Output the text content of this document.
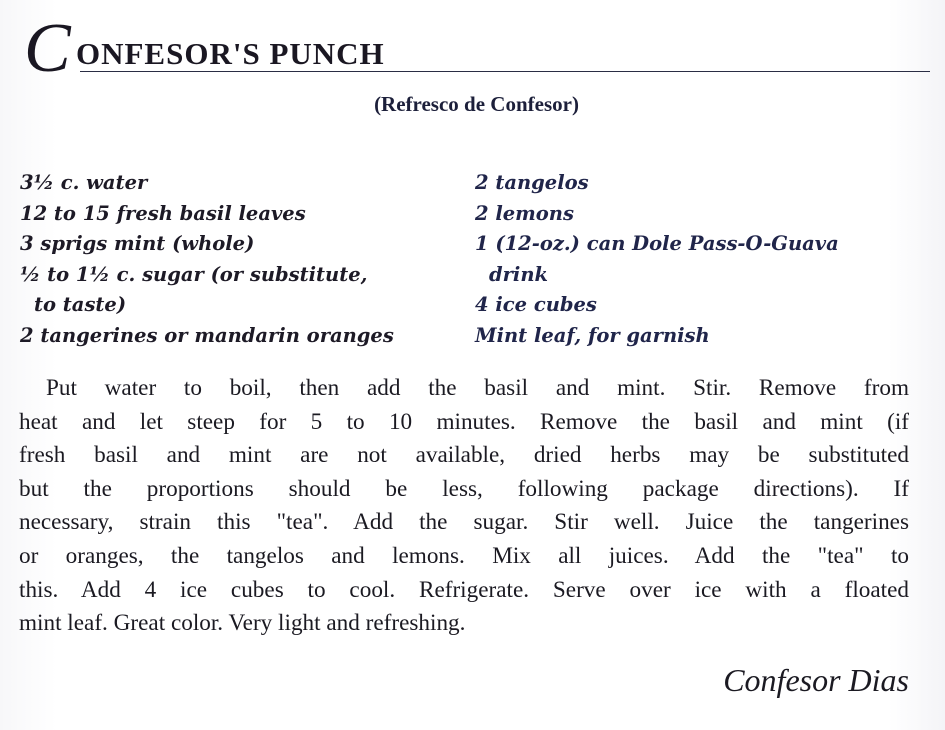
C ONFESOR'S PUNCH
(Refresco de Confesor)
3½ c. water
12 to 15 fresh basil leaves
3 sprigs mint (whole)
½ to 1½ c. sugar (or substitute,
to taste)
2 tangerines or mandarin oranges
2 tangelos
2 lemons
1 (12-oz.) can Dole Pass-O-Guava
drink
4 ice cubes
Mint leaf, for garnish
Put water to boil, then add the basil and mint. Stir. Remove from
heat and let steep for 5 to 10 minutes. Remove the basil and mint (if
fresh basil and mint are not available, dried herbs may be substituted
but the proportions should be less, following package directions). If
necessary, strain this "tea". Add the sugar. Stir well. Juice the tangerines
or oranges, the tangelos and lemons. Mix all juices. Add the "tea" to
this. Add 4 ice cubes to cool. Refrigerate. Serve over ice with a floated
mint leaf. Great color. Very light and refreshing.
Confesor Dias
